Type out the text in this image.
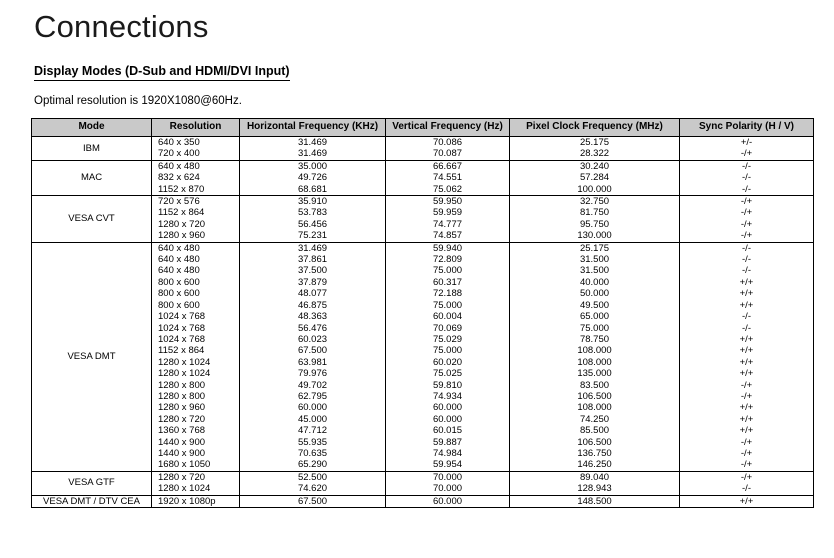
Connections
Display Modes (D-Sub and HDMI/DVI Input)

Optimal resolution is 1920X1080@60Hz.

Mode	Resolution	Horizontal Frequency (KHz)	Vertical Frequency (Hz)	Pixel Clock Frequency (MHz)	Sync Polarity (H / V)
IBM	640 x 350	31.469	70.086	25.175	+/-
	720 x 400	31.469	70.087	28.322	-/+
MAC	640 x 480	35.000	66.667	30.240	-/-
	832 x 624	49.726	74.551	57.284	-/-
	1152 x 870	68.681	75.062	100.000	-/-
VESA CVT	720 x 576	35.910	59.950	32.750	-/+
	1152 x 864	53.783	59.959	81.750	-/+
	1280 x 720	56.456	74.777	95.750	-/+
	1280 x 960	75.231	74.857	130.000	-/+
VESA DMT	640 x 480	31.469	59.940	25.175	-/-
	640 x 480	37.861	72.809	31.500	-/-
	640 x 480	37.500	75.000	31.500	-/-
	800 x 600	37.879	60.317	40.000	+/+
	800 x 600	48.077	72.188	50.000	+/+
	800 x 600	46.875	75.000	49.500	+/+
	1024 x 768	48.363	60.004	65.000	-/-
	1024 x 768	56.476	70.069	75.000	-/-
	1024 x 768	60.023	75.029	78.750	+/+
	1152 x 864	67.500	75.000	108.000	+/+
	1280 x 1024	63.981	60.020	108.000	+/+
	1280 x 1024	79.976	75.025	135.000	+/+
	1280 x 800	49.702	59.810	83.500	-/+
	1280 x 800	62.795	74.934	106.500	-/+
	1280 x 960	60.000	60.000	108.000	+/+
	1280 x 720	45.000	60.000	74.250	+/+
	1360 x 768	47.712	60.015	85.500	+/+
	1440 x 900	55.935	59.887	106.500	-/+
	1440 x 900	70.635	74.984	136.750	-/+
	1680 x 1050	65.290	59.954	146.250	-/+
VESA GTF	1280 x 720	52.500	70.000	89.040	-/+
	1280 x 1024	74.620	70.000	128.943	-/-
VESA DMT / DTV CEA	1920 x 1080p	67.500	60.000	148.500	+/+
